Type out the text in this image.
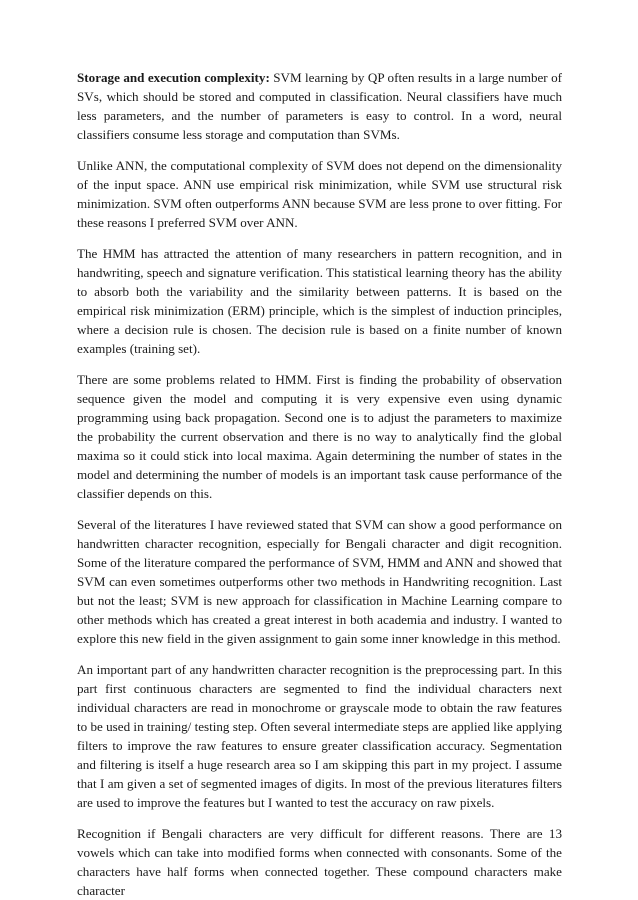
Storage and execution complexity: SVM learning by QP often results in a large number of SVs, which should be stored and computed in classification. Neural classifiers have much less parameters, and the number of parameters is easy to control. In a word, neural classifiers consume less storage and computation than SVMs.

Unlike ANN, the computational complexity of SVM does not depend on the dimensionality of the input space. ANN use empirical risk minimization, while SVM use structural risk minimization. SVM often outperforms ANN because SVM are less prone to over fitting. For these reasons I preferred SVM over ANN.

The HMM has attracted the attention of many researchers in pattern recognition, and in handwriting, speech and signature verification. This statistical learning theory has the ability to absorb both the variability and the similarity between patterns. It is based on the empirical risk minimization (ERM) principle, which is the simplest of induction principles, where a decision rule is chosen. The decision rule is based on a finite number of known examples (training set).

There are some problems related to HMM. First is finding the probability of observation sequence given the model and computing it is very expensive even using dynamic programming using back propagation. Second one is to adjust the parameters to maximize the probability the current observation and there is no way to analytically find the global maxima so it could stick into local maxima. Again determining the number of states in the model and determining the number of models is an important task cause performance of the classifier depends on this.

Several of the literatures I have reviewed stated that SVM can show a good performance on handwritten character recognition, especially for Bengali character and digit recognition. Some of the literature compared the performance of SVM, HMM and ANN and showed that SVM can even sometimes outperforms other two methods in Handwriting recognition. Last but not the least; SVM is new approach for classification in Machine Learning compare to other methods which has created a great interest in both academia and industry. I wanted to explore this new field in the given assignment to gain some inner knowledge in this method.

An important part of any handwritten character recognition is the preprocessing part. In this part first continuous characters are segmented to find the individual characters next individual characters are read in monochrome or grayscale mode to obtain the raw features to be used in training/ testing step. Often several intermediate steps are applied like applying filters to improve the raw features to ensure greater classification accuracy. Segmentation and filtering is itself a huge research area so I am skipping this part in my project. I assume that I am given a set of segmented images of digits. In most of the previous literatures filters are used to improve the features but I wanted to test the accuracy on raw pixels.

Recognition if Bengali characters are very difficult for different reasons. There are 13 vowels which can take into modified forms when connected with consonants. Some of the characters have half forms when connected together. These compound characters make character
